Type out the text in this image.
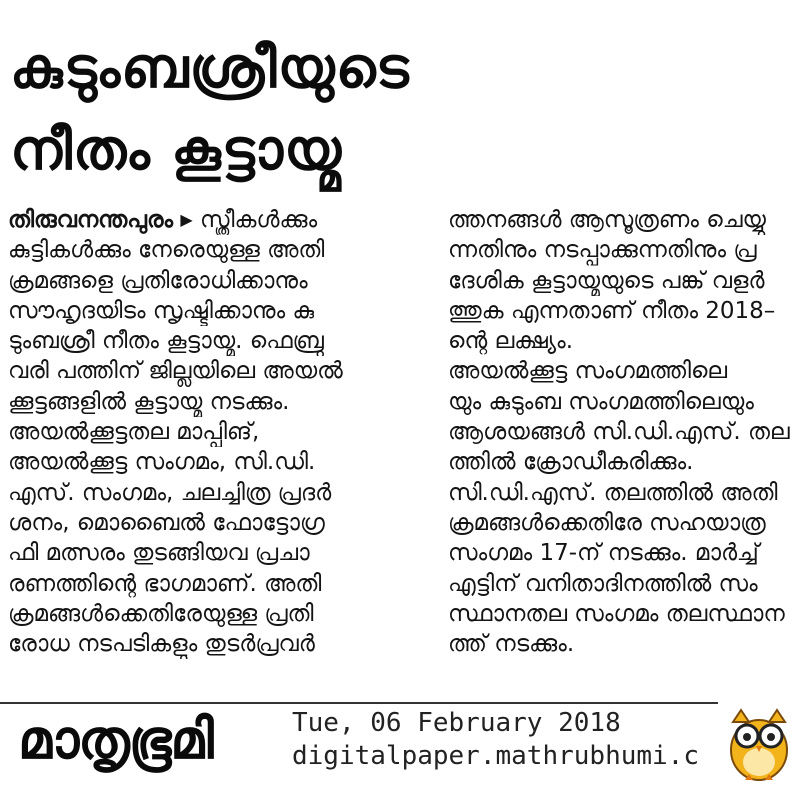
കുടുംബശ്രീയുടെ
നീതം കൂട്ടായ്മ
തിരുവനന്തപുരം ▶ സ്ത്രീകൾക്കും
കുട്ടികൾക്കും നേരെയുള്ള അതി
ക്രമങ്ങളെ പ്രതിരോധിക്കാനും
സൗഹൃദയിടം സൃഷ്ടിക്കാനും കു
ടുംബശ്രീ നീതം കൂട്ടായ്മ. ഫെബ്രു
വരി പത്തിന് ജില്ലയിലെ അയൽ
ക്കൂട്ടങ്ങളിൽ കൂട്ടായ്മ നടക്കും.
അയൽക്കൂട്ടതല മാപ്പിങ്,
അയൽക്കൂട്ട സംഗമം, സി.ഡി.
എസ്. സംഗമം, ചലച്ചിത്ര പ്രദർ
ശനം, മൊബൈൽ ഫോട്ടോഗ്ര
ഫി മത്സരം തുടങ്ങിയവ പ്രചാ
രണത്തിന്റെ ഭാഗമാണ്. അതി
ക്രമങ്ങൾക്കെതിരേയുള്ള പ്രതി
രോധ നടപടികളും തുടർപ്രവർ
ത്തനങ്ങൾ ആസൂത്രണം ചെയ്യു
ന്നതിനും നടപ്പാക്കുന്നതിനും പ്ര
ദേശിക കൂട്ടായ്മയുടെ പങ്ക് വളർ
ത്തുക എന്നതാണ് നീതം 2018–
ന്റെ ലക്ഷ്യം.
അയൽക്കൂട്ട സംഗമത്തിലെ
യും കുടുംബ സംഗമത്തിലെയും
ആശയങ്ങൾ സി.ഡി.എസ്. തല
ത്തിൽ ക്രോഡീകരിക്കും.
സി.ഡി.എസ്. തലത്തിൽ അതി
ക്രമങ്ങൾക്കെതിരേ സഹയാത്ര
സംഗമം 17-ന് നടക്കും. മാർച്ച്
എട്ടിന് വനിതാദിനത്തിൽ സം
സ്ഥാനതല സംഗമം തലസ്ഥാന
ത്ത് നടക്കും.
മാതൃഭൂമി	Tue, 06 February 2018
digitalpaper.mathrubhumi.c
